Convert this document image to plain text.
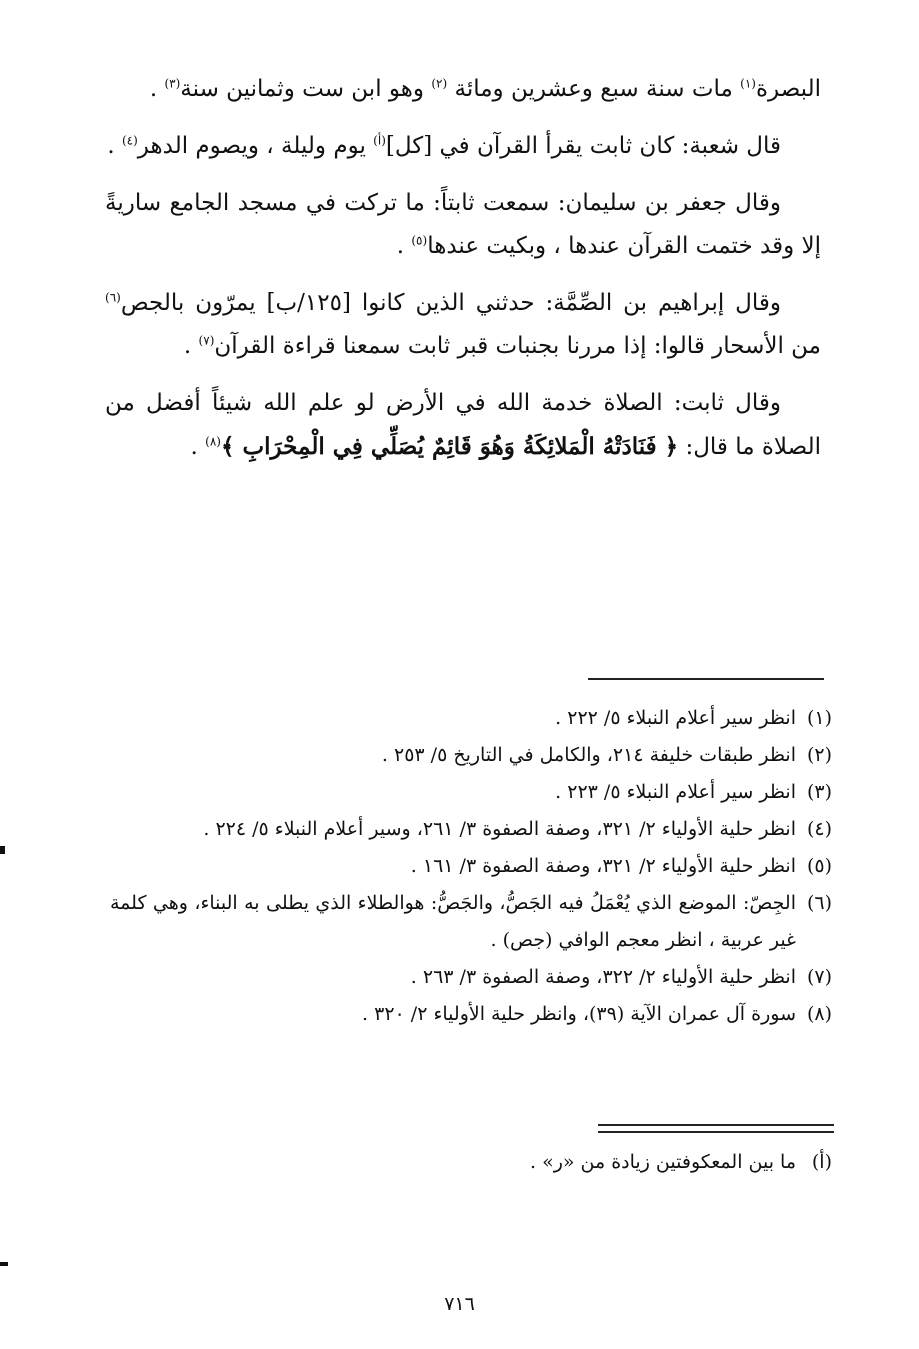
البصرة$^{(١)}$ مات سنة سبع وعشرين ومائة $^{(٢)}$ وهو ابن ست وثمانين سنة$^{(٣)}$ .

قال شعبة: كان ثابت يقرأ القرآن في [كل]$^{(أ)}$ يوم وليلة ، ويصوم الدهر$^{(٤)}$ .

وقال جعفر بن سليمان: سمعت ثابتاً: ما تركت في مسجد الجامع ساريةً إلا وقد ختمت القرآن عندها ، وبكيت عندها$^{(٥)}$ .

وقال إبراهيم بن الصِّمَّة: حدثني الذين كانوا [١٢٥/ب] يمرّون بالجص$^{(٦)}$ من الأسحار قالوا: إذا مررنا بجنبات قبر ثابت سمعنا قراءة القرآن$^{(٧)}$ .

وقال ثابت: الصلاة خدمة الله في الأرض لو علم الله شيئاً أفضل من الصلاة ما قال: ﴿ فَنَادَتْهُ الْمَلائِكَةُ وَهُوَ قَائِمٌ يُصَلِّي فِي الْمِحْرَابِ ﴾$^{(٨)}$ .

(١)
انظر سير أعلام النبلاء ٥/ ٢٢٢ .

(٢)
انظر طبقات خليفة ٢١٤، والكامل في التاريخ ٥/ ٢٥٣ .

(٣)
انظر سير أعلام النبلاء ٥/ ٢٢٣ .

(٤)
انظر حلية الأولياء ٢/ ٣٢١، وصفة الصفوة ٣/ ٢٦١، وسير أعلام النبلاء ٥/ ٢٢٤ .

(٥)
انظر حلية الأولياء ٢/ ٣٢١، وصفة الصفوة ٣/ ١٦١ .

(٦)
الجِصّ: الموضع الذي يُعْمَلُ فيه الجَصُّ، والجَصُّ: هوالطلاء الذي يطلى به البناء، وهي كلمة غير عربية ، انظر معجم الوافي (جص) .

(٧)
انظر حلية الأولياء ٢/ ٣٢٢، وصفة الصفوة ٣/ ٢٦٣ .

(٨)
سورة آل عمران الآية (٣٩)، وانظر حلية الأولياء ٢/ ٣٢٠ .

(أ)
ما بين المعكوفتين زيادة من «ر» .

٧١٦
